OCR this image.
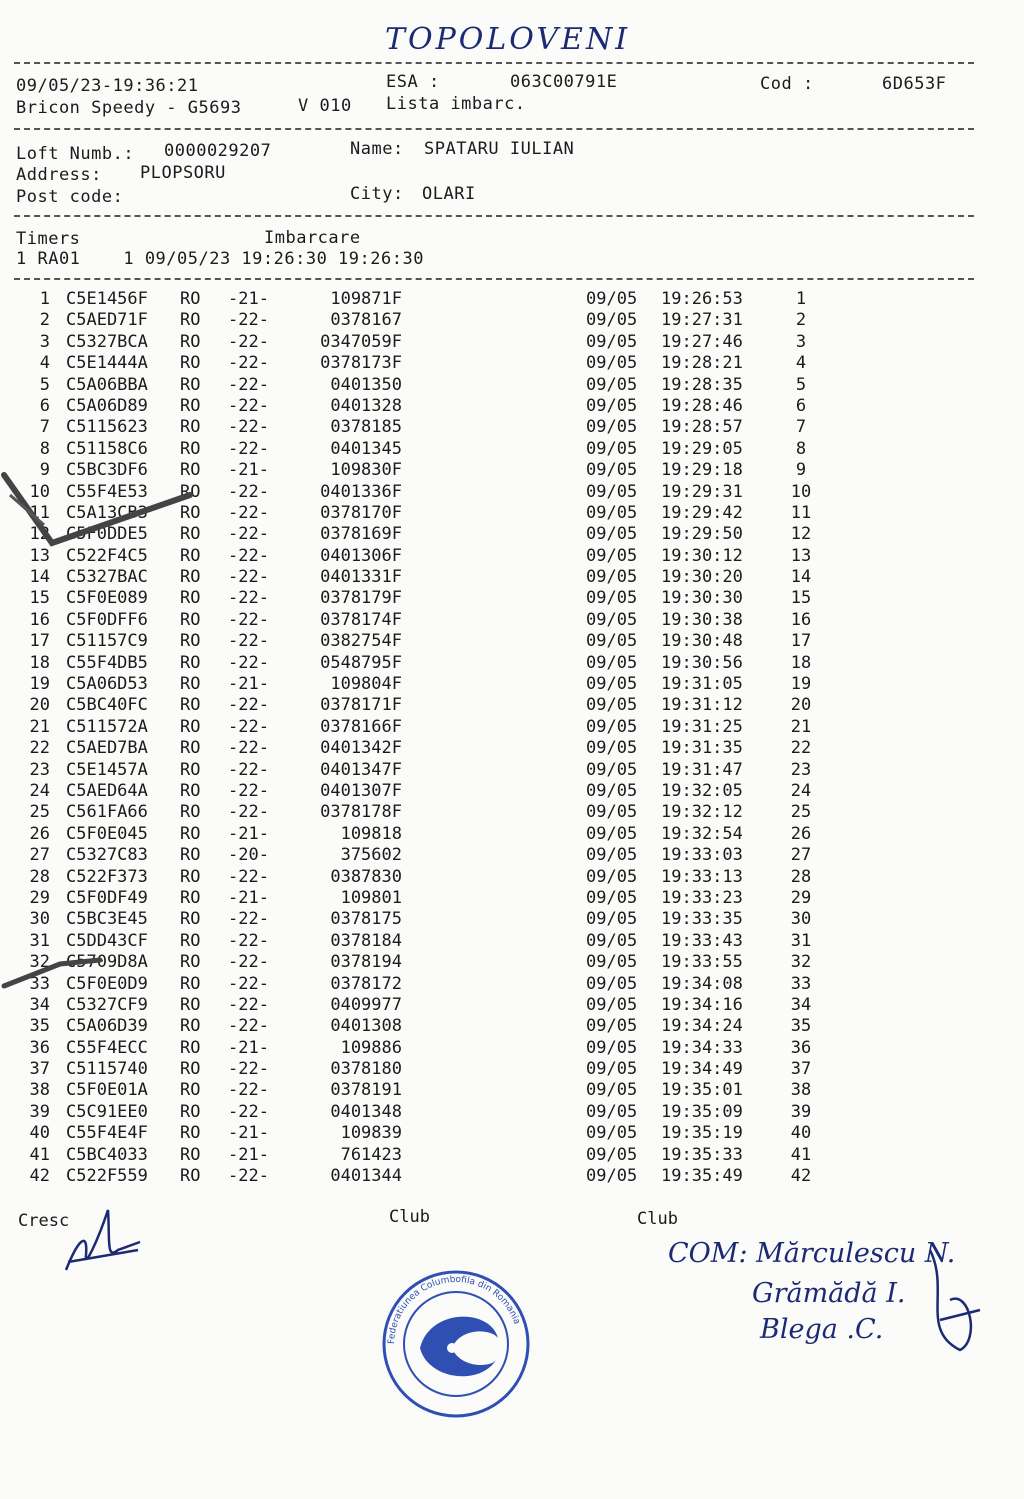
TOPOLOVENI
09/05/23-19:36:21	ESA :	063C00791E	Cod :	6D653F
Bricon Speedy - G5693	V 010 Lista imbarc.
Loft Numb.: 0000029207	Name: SPATARU IULIAN
Address: PLOPSORU
Post code:	City: OLARI
Timers	Imbarcare
1 RA01    1 09/05/23 19:26:30 19:26:30
1 C5E1456F RO -21-	109871F	09/05 19:26:53	1
2 C5AED71F RO -22-	0378167	09/05 19:27:31	2
3 C5327BCA RO -22-	0347059F	09/05 19:27:46	3
4 C5E1444A RO -22-	0378173F	09/05 19:28:21	4
5 C5A06BBA RO -22-	0401350	09/05 19:28:35	5
6 C5A06D89 RO -22-	0401328	09/05 19:28:46	6
7 C5115623 RO -22-	0378185	09/05 19:28:57	7
8 C51158C6 RO -22-	0401345	09/05 19:29:05	8
9 C5BC3DF6 RO -21-	109830F	09/05 19:29:18	9
10 C55F4E53 RO -22-	0401336F	09/05 19:29:31	10
11 C5A13CB3 RO -22-	0378170F	09/05 19:29:42	11
12 C5F0DDE5 RO -22-	0378169F	09/05 19:29:50	12
13 C522F4C5 RO -22-	0401306F	09/05 19:30:12	13
14 C5327BAC RO -22-	0401331F	09/05 19:30:20	14
15 C5F0E089 RO -22-	0378179F	09/05 19:30:30	15
16 C5F0DFF6 RO -22-	0378174F	09/05 19:30:38	16
17 C51157C9 RO -22-	0382754F	09/05 19:30:48	17
18 C55F4DB5 RO -22-	0548795F	09/05 19:30:56	18
19 C5A06D53 RO -21-	109804F	09/05 19:31:05	19
20 C5BC40FC RO -22-	0378171F	09/05 19:31:12	20
21 C511572A RO -22-	0378166F	09/05 19:31:25	21
22 C5AED7BA RO -22-	0401342F	09/05 19:31:35	22
23 C5E1457A RO -22-	0401347F	09/05 19:31:47	23
24 C5AED64A RO -22-	0401307F	09/05 19:32:05	24
25 C561FA66 RO -22-	0378178F	09/05 19:32:12	25
26 C5F0E045 RO -21-	109818	09/05 19:32:54	26
27 C5327C83 RO -20-	375602	09/05 19:33:03	27
28 C522F373 RO -22-	0387830	09/05 19:33:13	28
29 C5F0DF49 RO -21-	109801	09/05 19:33:23	29
30 C5BC3E45 RO -22-	0378175	09/05 19:33:35	30
31 C5DD43CF RO -22-	0378184	09/05 19:33:43	31
32 C5709D8A RO -22-	0378194	09/05 19:33:55	32
33 C5F0E0D9 RO -22-	0378172	09/05 19:34:08	33
34 C5327CF9 RO -22-	0409977	09/05 19:34:16	34
35 C5A06D39 RO -22-	0401308	09/05 19:34:24	35
36 C55F4ECC RO -21-	109886	09/05 19:34:33	36
37 C5115740 RO -22-	0378180	09/05 19:34:49	37
38 C5F0E01A RO -22-	0378191	09/05 19:35:01	38
39 C5C91EE0 RO -22-	0401348	09/05 19:35:09	39
40 C55F4E4F RO -21-	109839	09/05 19:35:19	40
41 C5BC4033 RO -21-	761423	09/05 19:35:33	41
42 C522F559 RO -22-	0401344	09/05 19:35:49	42
Cresc	Club	Club
COM: Mărculescu N.
Grămădă I.
Blega .C.
Federatiunea Columbofila din Romania
